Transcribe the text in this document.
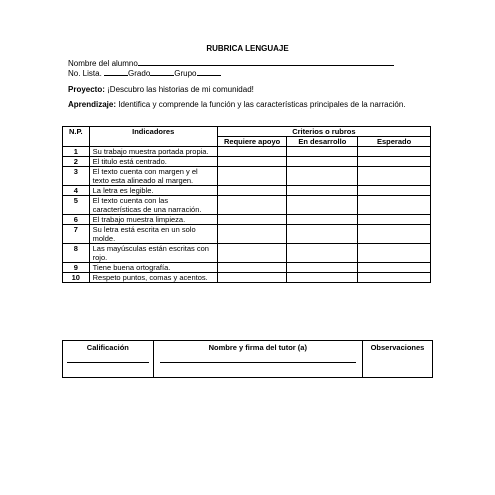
RUBRICA LENGUAJE
Nombre del alumno
No. Lista.	Grado	Grupo
Proyecto: ¡Descubro las historias de mi comunidad!
Aprendizaje: Identifica y comprende la función y las características principales de la narración.
N.P.	Indicadores	Criterios o rubros		
		Requiere apoyo	En desarrollo	Esperado
1	Su trabajo muestra portada propia.			
2	El titulo está centrado.			
3	El texto cuenta con margen y el texto esta alineado al margen.			
4	La letra es legible.			
5	El texto cuenta con las características de una narración.			
6	El trabajo muestra limpieza.			
7	Su letra está escrita en un solo molde.			
8	Las mayúsculas están escritas con rojo.			
9	Tiene buena ortografía.			
10	Respeto puntos, comas y acentos.			
Calificación	Nombre y firma del tutor (a)	Observaciones
